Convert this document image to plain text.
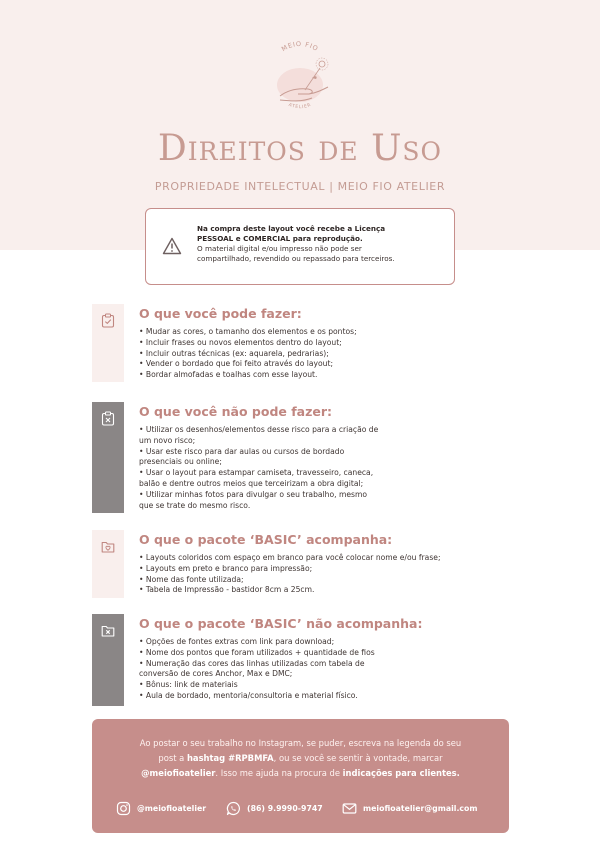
MEIO FIO
ATELIER
Direitos de Uso
PROPRIEDADE INTELECTUAL | MEIO FIO ATELIER
Na compra deste layout você recebe a Licença
PESSOAL e COMERCIAL para reprodução.
O material digital e/ou impresso não pode ser
compartilhado, revendido ou repassado para terceiros.
O que você pode fazer:
• Mudar as cores, o tamanho dos elementos e os pontos;
• Incluir frases ou novos elementos dentro do layout;
• Incluir outras técnicas (ex: aquarela, pedrarias);
• Vender o bordado que foi feito através do layout;
• Bordar almofadas e toalhas com esse layout.
O que você não pode fazer:
• Utilizar os desenhos/elementos desse risco para a criação de
um novo risco;
• Usar este risco para dar aulas ou cursos de bordado
presenciais ou online;
• Usar o layout para estampar camiseta, travesseiro, caneca,
balão e dentre outros meios que terceirizam a obra digital;
• Utilizar minhas fotos para divulgar o seu trabalho, mesmo
que se trate do mesmo risco.
O que o pacote ‘BASIC’ acompanha:
• Layouts coloridos com espaço em branco para você colocar nome e/ou frase;
• Layouts em preto e branco para impressão;
• Nome das fonte utilizada;
• Tabela de Impressão - bastidor 8cm a 25cm.
O que o pacote ‘BASIC’ não acompanha:
• Opções de fontes extras com link para download;
• Nome dos pontos que foram utilizados + quantidade de fios
• Numeração das cores das linhas utilizadas com tabela de
conversão de cores Anchor, Max e DMC;
• Bônus: link de materiais
• Aula de bordado, mentoria/consultoria e material físico.
Ao postar o seu trabalho no Instagram, se puder, escreva na legenda do seu
post a hashtag #RPBMFA, ou se você se sentir à vontade, marcar
@meiofioatelier. Isso me ajuda na procura de indicações para clientes.
@meiofioatelier	(86) 9.9990-9747	meiofioatelier@gmail.com
